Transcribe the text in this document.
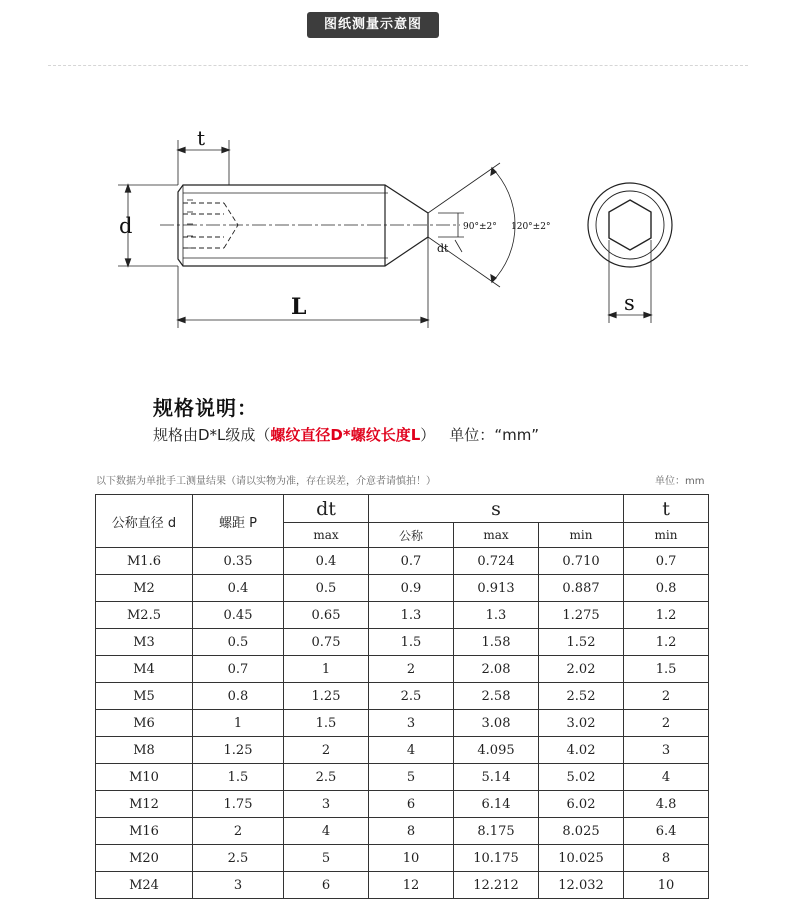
图纸测量示意图
t
d
L
dt
90°±2° 120°±2°
s
规格说明：
规格由D*L级成（螺纹直径D*螺纹长度L） 单位：“mm”
以下数据为单批手工测量结果（请以实物为准，存在误差，介意者请慎拍！）	单位：mm
公称直径 d	螺距 P	dt	s			t
		max	公称	max	min	min
M1.6	0.35	0.4	0.7	0.724	0.710	0.7
M2	0.4	0.5	0.9	0.913	0.887	0.8
M2.5	0.45	0.65	1.3	1.3	1.275	1.2
M3	0.5	0.75	1.5	1.58	1.52	1.2
M4	0.7	1	2	2.08	2.02	1.5
M5	0.8	1.25	2.5	2.58	2.52	2
M6	1	1.5	3	3.08	3.02	2
M8	1.25	2	4	4.095	4.02	3
M10	1.5	2.5	5	5.14	5.02	4
M12	1.75	3	6	6.14	6.02	4.8
M16	2	4	8	8.175	8.025	6.4
M20	2.5	5	10	10.175	10.025	8
M24	3	6	12	12.212	12.032	10
